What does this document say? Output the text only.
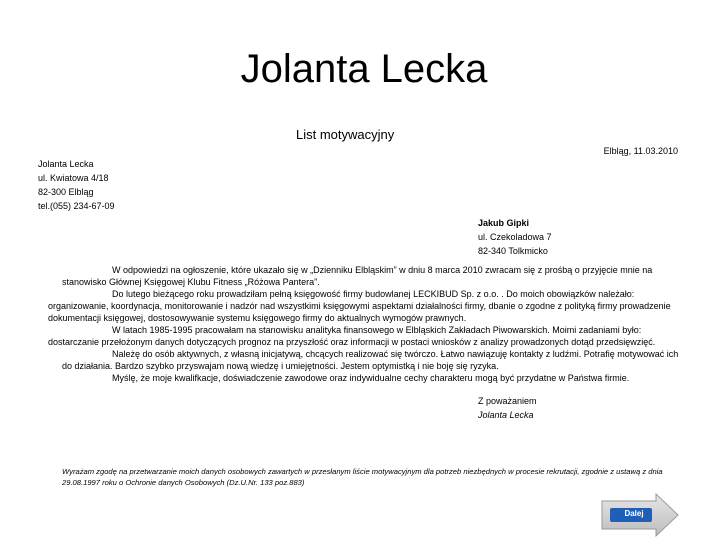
Jolanta Lecka
List motywacyjny
Elbląg, 11.03.2010
Jolanta Lecka
ul. Kwiatowa 4/18
82-300 Elbląg
tel.(055) 234-67-09
Jakub Gipki
ul. Czekoladowa 7
82-340 Tolkmicko

W odpowiedzi na ogłoszenie, które ukazało się w „Dzienniku Elbląskim” w dniu 8 marca 2010 zwracam się z prośbą o przyjęcie mnie na stanowisko Głównej Księgowej Klubu Fitness „Różowa Pantera”.

Do lutego bieżącego roku prowadziłam pełną księgowość firmy budowlanej LECKIBUD Sp. z o.o. . Do moich obowiązków należało: organizowanie, koordynacja, monitorowanie i nadzór nad wszystkimi księgowymi aspektami działalności firmy, dbanie o zgodne z polityką firmy prowadzenie dokumentacji księgowej, dostosowywanie systemu księgowego firmy do aktualnych wymogów prawnych.

W latach 1985-1995 pracowałam na stanowisku analityka finansowego w Elbląskich Zakładach Piwowarskich. Moimi zadaniami było: dostarczanie przełożonym danych dotyczących prognoz na przyszłość oraz informacji w postaci wniosków z analizy prowadzonych dotąd przedsięwzięć.

Należę do osób aktywnych, z własną inicjatywą, chcących realizować się twórczo. Łatwo nawiązuję kontakty z ludźmi. Potrafię motywować ich do działania. Bardzo szybko przyswajam nową wiedzę i umiejętności. Jestem optymistką i nie boję się ryzyka.

Myślę, że moje kwalifkacje, doświadczenie zawodowe oraz indywidualne cechy charakteru mogą być przydatne w Państwa firmie.

Z poważaniem
Jolanta Lecka
Wyrażam zgodę na przetwarzanie moich danych osobowych zawartych w przesłanym liście motywacyjnym dla potrzeb niezbędnych w procesie rekrutacji, zgodnie z ustawą z dnia 29.08.1997 roku o Ochronie danych Osobowych (Dz.U.Nr. 133 poz.883)
Dalej
